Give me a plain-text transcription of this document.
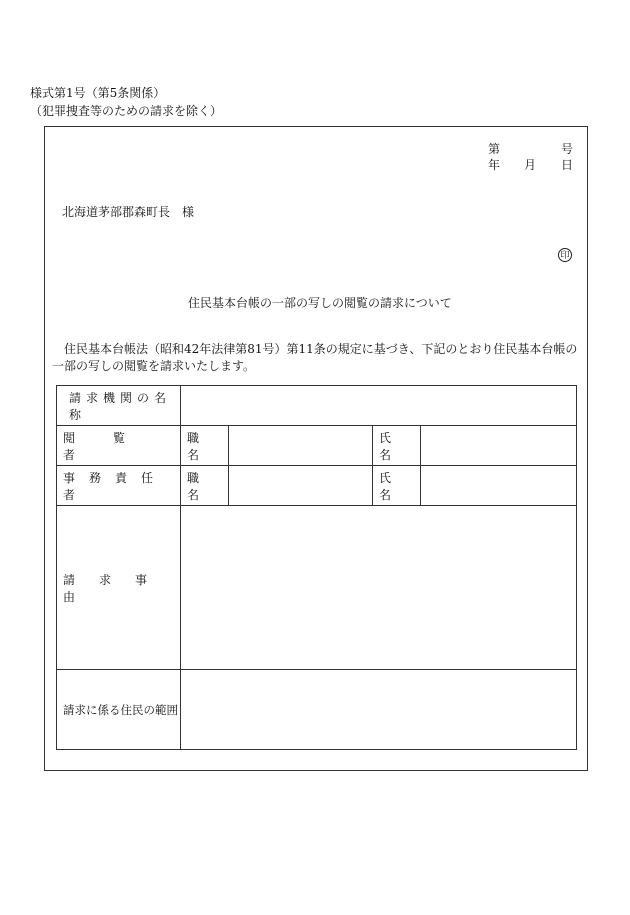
様式第1号（第5条関係）
（犯罪捜査等のための請求を除く）
第	号
年 月 日
北海道茅部郡森町長　様
印
住民基本台帳の一部の写しの閲覧の請求について
住民基本台帳法（昭和42年法律第81号）第11条の規定に基づき、下記のとおり住民基本台帳の一部の写しの閲覧を請求いたします。
請求機関の名称				

閲覧者	職名		氏名	

事務責任者	職名		氏名	

請求事由				

請求に係る住民の範囲				
